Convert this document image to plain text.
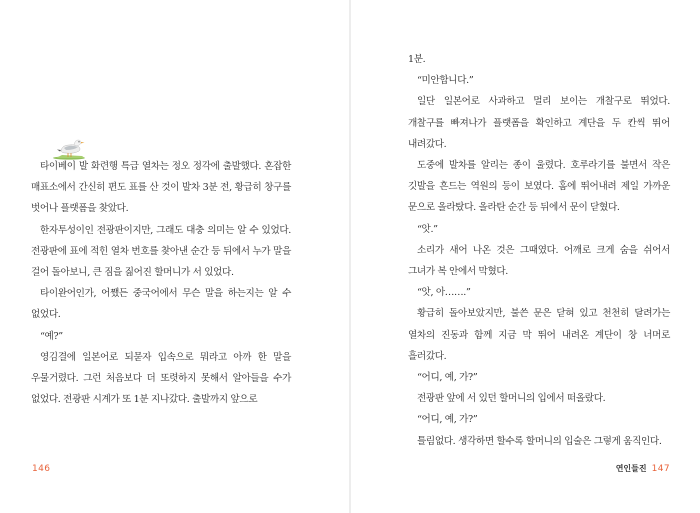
타이베이 발 화련행 특급 열차는 정오 정각에 출발했다. 혼잡한 매표소에서 간신히 편도 표를 산 것이 발차 3분 전, 황급히 창구를 벗어나 플랫폼을 찾았다.

한자투성이인 전광판이지만, 그래도 대충 의미는 알 수 있었다. 전광판에 표에 적힌 열차 번호를 찾아낸 순간 등 뒤에서 누가 말을 걸어 돌아보니, 큰 짐을 짊어진 할머니가 서 있었다.

타이완어인가, 어쨌든 중국어에서 무슨 말을 하는지는 알 수 없었다.

“예?”

영김결에 일본어로 되묻자 입속으로 뭐라고 아까 한 말을 우물거렸다. 그런 처음보다 더 또렷하지 못해서 알아들을 수가 없었다. 전광판 시계가 또 1분 지나갔다. 출발까지 앞으로

146

1분.

“미안합니다.”

일단 일본어로 사과하고 멀리 보이는 개찰구로 뛰었다. 개찰구를 빠져나가 플랫폼을 확인하고 계단을 두 칸씩 뛰어 내려갔다.

도중에 발차를 알리는 종이 울렸다. 호루라기를 불면서 작은 깃발을 흔드는 역원의 등이 보였다. 홈에 뛰어내려 제일 가까운 문으로 올라탔다. 올라탄 순간 등 뒤에서 문이 닫혔다.

“앗.”

소리가 새어 나온 것은 그때였다. 어깨로 크게 숨을 쉬어서 그녀가 복 안에서 막혔다.

“앗, 아…….”

황급히 돌아보았지만, 불쓴 문은 닫혀 있고 천천히 달려가는 열차의 진동과 함께 지금 막 뛰어 내려온 계단이 창 너머로 흘러갔다.

“어디, 예, 가?”

전광판 앞에 서 있던 할머니의 입에서 떠올랐다.

“어디, 예, 가?”

틀림없다. 생각하면 할수록 할머니의 입술은 그렇게 움직인다.

연인들진 147
